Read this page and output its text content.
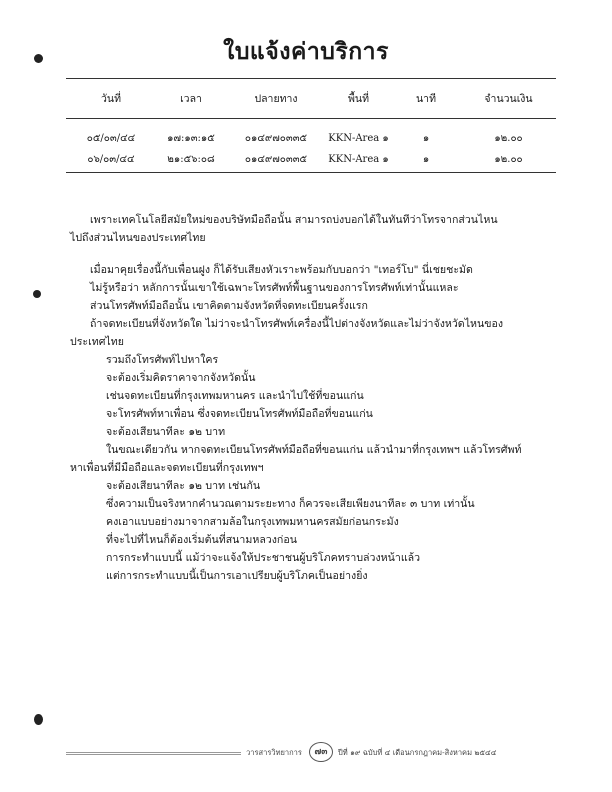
ใบแจ้งค่าบริการ
วันที่	เวลา	ปลายทาง	พื้นที่	นาที	จำนวนเงิน
๐๕/๐๓/๔๔	๑๗:๑๓:๑๕	๐๑๔๙๗๐๓๓๕	KKN-Area ๑	๑	๑๒.๐๐
๐๖/๐๓/๔๔	๒๑:๕๖:๐๘	๐๑๔๙๗๐๓๓๕	KKN-Area ๑	๑	๑๒.๐๐
เพราะเทคโนโลยีสมัยใหม่ของบริษัทมือถือนั้น สามารถบ่งบอกได้ในทันทีว่าโทรจากส่วนไหน
ไปถึงส่วนไหนของประเทศไทย
เมื่อมาคุยเรื่องนี้กับเพื่อนฝูง ก็ได้รับเสียงหัวเราะพร้อมกับบอกว่า "เทอร์โบ" นี่เชยชะมัด
ไม่รู้หรือว่า หลักการนั้นเขาใช้เฉพาะโทรศัพท์พื้นฐานของการโทรศัพท์เท่านั้นแหละ
ส่วนโทรศัพท์มือถือนั้น เขาคิดตามจังหวัดที่จดทะเบียนครั้งแรก
ถ้าจดทะเบียนที่จังหวัดใด ไม่ว่าจะนำโทรศัพท์เครื่องนี้ไปต่างจังหวัดและไม่ว่าจังหวัดไหนของ
ประเทศไทย
รวมถึงโทรศัพท์ไปหาใคร
จะต้องเริ่มคิดราคาจากจังหวัดนั้น
เช่นจดทะเบียนที่กรุงเทพมหานคร และนำไปใช้ที่ขอนแก่น
จะโทรศัพท์หาเพื่อน ซึ่งจดทะเบียนโทรศัพท์มือถือที่ขอนแก่น
จะต้องเสียนาทีละ ๑๒ บาท
ในขณะเดียวกัน หากจดทะเบียนโทรศัพท์มือถือที่ขอนแก่น แล้วนำมาที่กรุงเทพฯ แล้วโทรศัพท์
หาเพื่อนที่มีมือถือและจดทะเบียนที่กรุงเทพฯ
จะต้องเสียนาทีละ ๑๒ บาท เช่นกัน
ซึ่งความเป็นจริงหากคำนวณตามระยะทาง ก็ควรจะเสียเพียงนาทีละ ๓ บาท เท่านั้น
คงเอาแบบอย่างมาจากสามล้อในกรุงเทพมหานครสมัยก่อนกระมัง
ที่จะไปที่ไหนก็ต้องเริ่มต้นที่สนามหลวงก่อน
การกระทำแบบนี้ แม้ว่าจะแจ้งให้ประชาชนผู้บริโภคทราบล่วงหน้าแล้ว
แต่การกระทำแบบนี้เป็นการเอาเปรียบผู้บริโภคเป็นอย่างยิ่ง
วารสารวิทยาการ	๗๓	ปีที่ ๑๙ ฉบับที่ ๔ เดือนกรกฎาคม-สิงหาคม ๒๕๔๔
